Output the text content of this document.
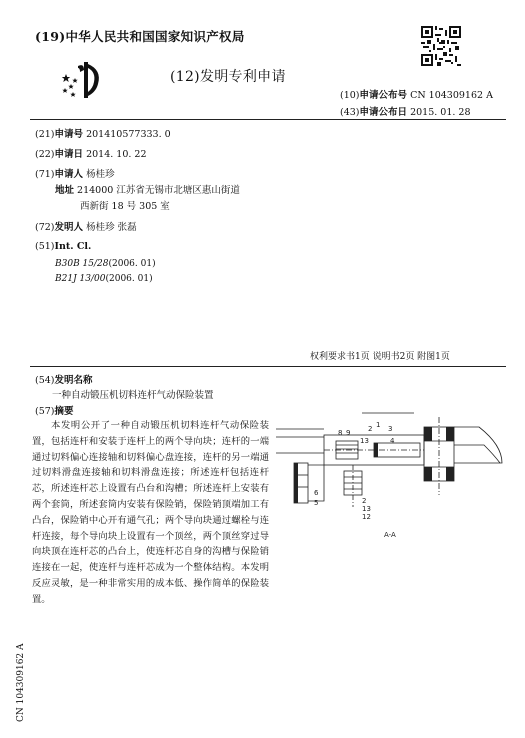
(19)中华人民共和国国家知识产权局
(12)发明专利申请
(10)申请公布号 CN 104309162 A
(43)申请公布日 2015. 01. 28
(21)申请号 201410577333. 0
(22)申请日 2014. 10. 22
(71)申请人 杨桂珍
地址 214000 江苏省无锡市北塘区惠山街道
西新街 18 号 305 室
(72)发明人 杨桂珍 张磊
(51)Int. Cl.
B30B 15/28(2006. 01)
B21J 13/00(2006. 01)
权利要求书1页 说明书2页 附图1页
(54)发明名称
一种自动锻压机切料连杆气动保险装置
(57)摘要
本发明公开了一种自动锻压机切料连杆气动保险装置，包括连杆和安装于连杆上的两个导向块；连杆的一端通过切料偏心连接轴和切料偏心盘连接，连杆的另一端通过切料滑盘连接轴和切料滑盘连接；所述连杆包括连杆芯，所述连杆芯上设置有凸台和沟槽；所述连杆上安装有两个套筒，所述套筒内安装有保险销，保险销顶端加工有凸台，保险销中心开有通气孔；两个导向块通过螺栓与连杆连接，每个导向块上设置有一个顶丝，两个顶丝穿过导向块顶在连杆芯的凸台上，使连杆芯自身的沟槽与保险销连接在一起，使连杆与连杆芯成为一个整体结构。本发明反应灵敏，是一种非常实用的成本低、操作简单的保险装置。
8 9
13
2 1 3
4
5
6
2
13
12
A-A
CN 104309162 A
